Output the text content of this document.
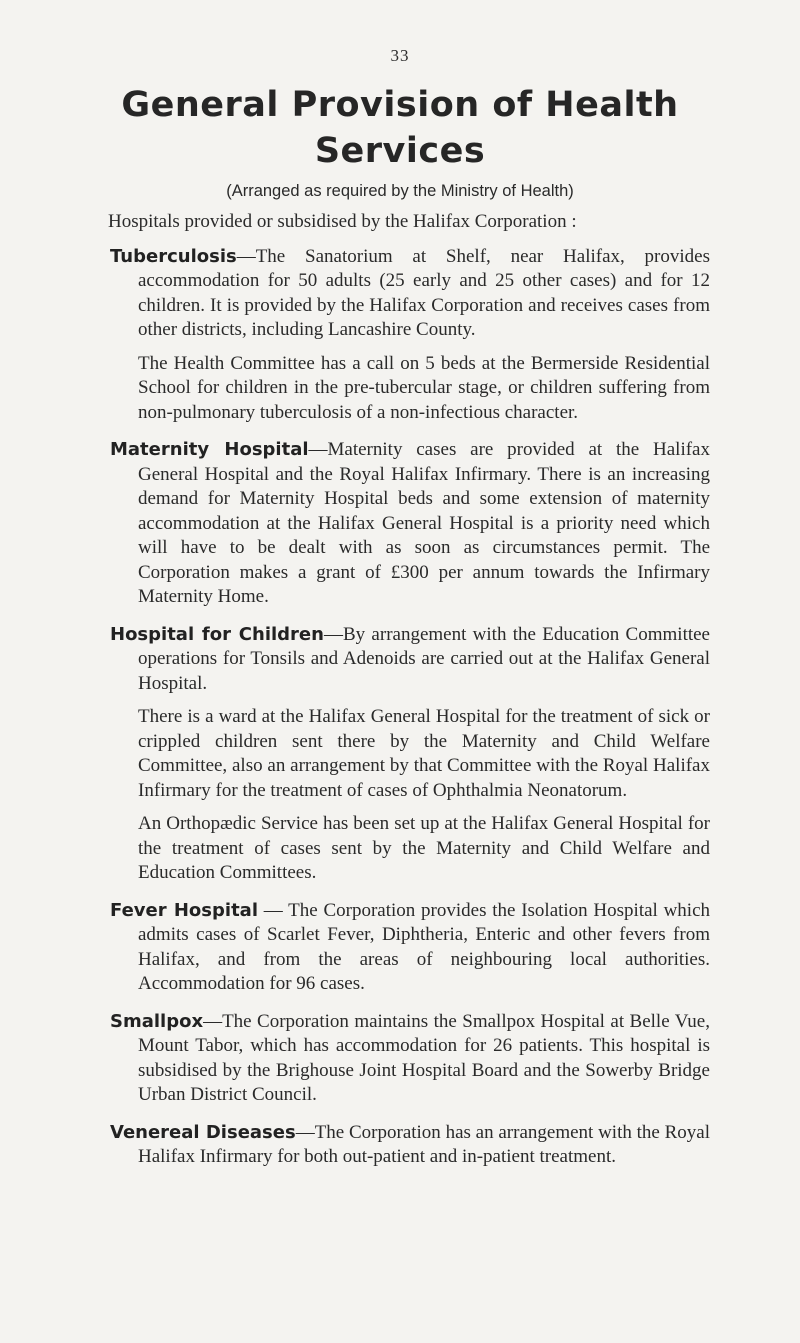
33
General Provision of Health
Services
(Arranged as required by the Ministry of Health)
Hospitals provided or subsidised by the Halifax Corporation :

Tuberculosis—The Sanatorium at Shelf, near Halifax, provides accommodation for 50 adults (25 early and 25 other cases) and for 12 children. It is provided by the Halifax Corporation and receives cases from other districts, including Lancashire County.

The Health Committee has a call on 5 beds at the Bermerside Residential School for children in the pre-tubercular stage, or children suffering from non-pulmonary tuberculosis of a non-infectious character.

Maternity Hospital—Maternity cases are provided at the Halifax General Hospital and the Royal Halifax Infirmary. There is an increasing demand for Maternity Hospital beds and some extension of maternity accommodation at the Halifax General Hospital is a priority need which will have to be dealt with as soon as circumstances permit. The Corporation makes a grant of £300 per annum towards the Infirmary Maternity Home.

Hospital for Children—By arrangement with the Education Committee operations for Tonsils and Adenoids are carried out at the Halifax General Hospital.

There is a ward at the Halifax General Hospital for the treatment of sick or crippled children sent there by the Maternity and Child Welfare Committee, also an arrangement by that Committee with the Royal Halifax Infirmary for the treatment of cases of Ophthalmia Neonatorum.

An Orthopædic Service has been set up at the Halifax General Hospital for the treatment of cases sent by the Maternity and Child Welfare and Education Committees.

Fever Hospital — The Corporation provides the Isolation Hospital which admits cases of Scarlet Fever, Diphtheria, Enteric and other fevers from Halifax, and from the areas of neighbouring local authorities. Accommodation for 96 cases.

Smallpox—The Corporation maintains the Smallpox Hospital at Belle Vue, Mount Tabor, which has accommodation for 26 patients. This hospital is subsidised by the Brighouse Joint Hospital Board and the Sowerby Bridge Urban District Council.

Venereal Diseases—The Corporation has an arrangement with the Royal Halifax Infirmary for both out-patient and in-patient treatment.
